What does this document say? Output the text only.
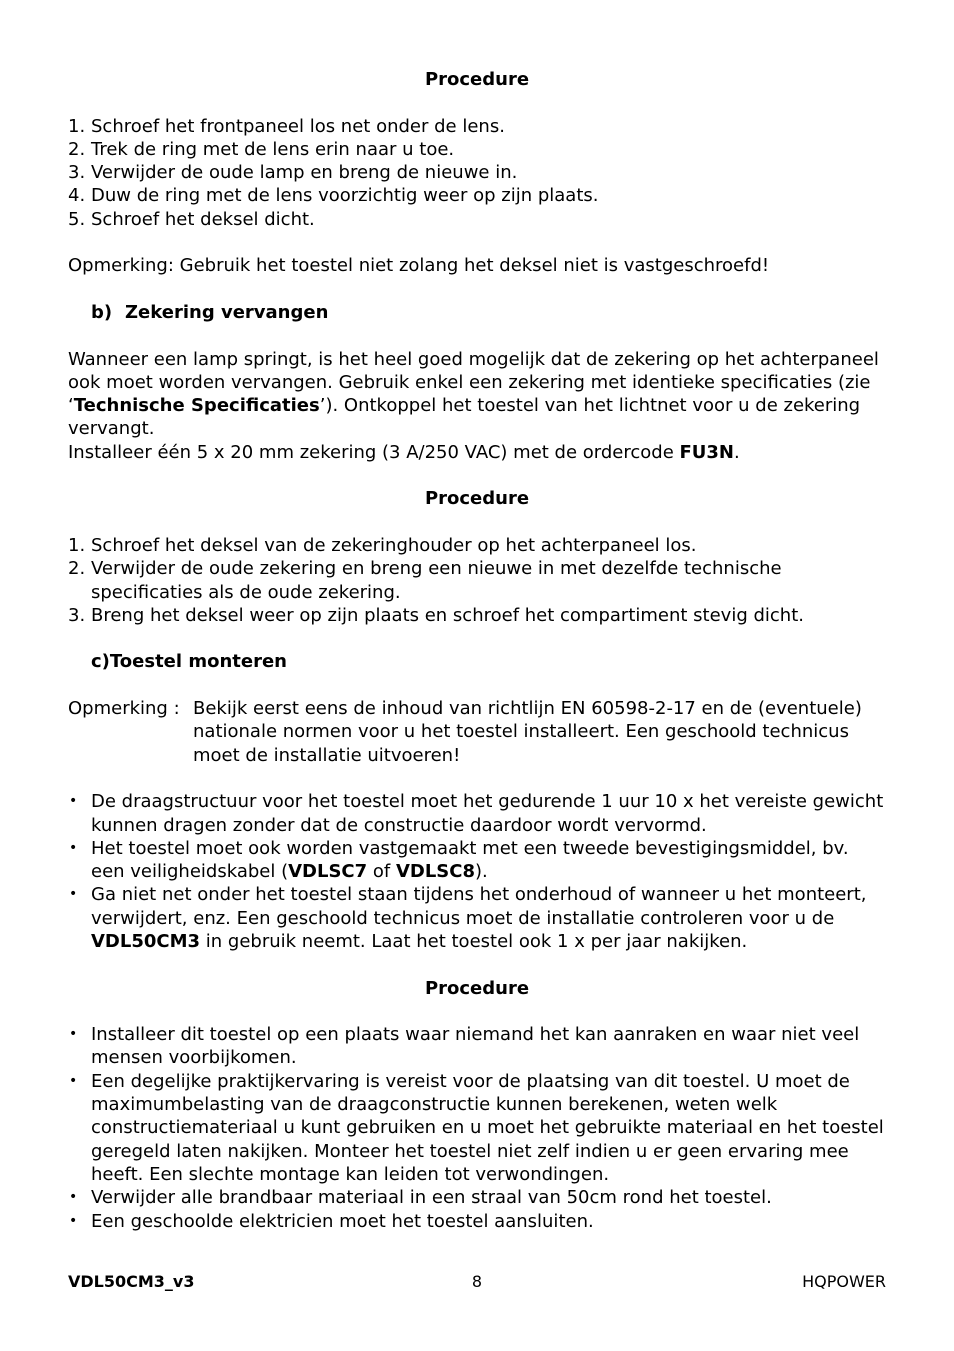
Procedure

1. Schroef het frontpaneel los net onder de lens.
2. Trek de ring met de lens erin naar u toe.
3. Verwijder de oude lamp en breng de nieuwe in.
4. Duw de ring met de lens voorzichtig weer op zijn plaats.
5. Schroef het deksel dicht.

Opmerking: Gebruik het toestel niet zolang het deksel niet is vastgeschroefd!

b) Zekering vervangen

Wanneer een lamp springt, is het heel goed mogelijk dat de zekering op het achterpaneel ook moet worden vervangen. Gebruik enkel een zekering met identieke specificaties (zie ‘Technische Specificaties’). Ontkoppel het toestel van het lichtnet voor u de zekering vervangt.

Installeer één 5 x 20 mm zekering (3 A/250 VAC) met de ordercode FU3N.

Procedure

1. Schroef het deksel van de zekeringhouder op het achterpaneel los.
2. Verwijder de oude zekering en breng een nieuwe in met dezelfde technische specificaties als de oude zekering.
3. Breng het deksel weer op zijn plaats en schroef het compartiment stevig dicht.

c)Toestel monteren

Opmerking : Bekijk eerst eens de inhoud van richtlijn EN 60598-2-17 en de (eventuele) nationale normen voor u het toestel installeert. Een geschoold technicus moet de installatie uitvoeren!
• De draagstructuur voor het toestel moet het gedurende 1 uur 10 x het vereiste gewicht kunnen dragen zonder dat de constructie daardoor wordt vervormd.
• Het toestel moet ook worden vastgemaakt met een tweede bevestigingsmiddel, bv. een veiligheidskabel (VDLSC7 of VDLSC8).
• Ga niet net onder het toestel staan tijdens het onderhoud of wanneer u het monteert, verwijdert, enz. Een geschoold technicus moet de installatie controleren voor u de VDL50CM3 in gebruik neemt. Laat het toestel ook 1 x per jaar nakijken.

Procedure

• Installeer dit toestel op een plaats waar niemand het kan aanraken en waar niet veel mensen voorbijkomen.
• Een degelijke praktijkervaring is vereist voor de plaatsing van dit toestel. U moet de maximumbelasting van de draagconstructie kunnen berekenen, weten welk constructiemateriaal u kunt gebruiken en u moet het gebruikte materiaal en het toestel geregeld laten nakijken. Monteer het toestel niet zelf indien u er geen ervaring mee heeft. Een slechte montage kan leiden tot verwondingen.
• Verwijder alle brandbaar materiaal in een straal van 50cm rond het toestel.
• Een geschoolde elektricien moet het toestel aansluiten.
VDL50CM3_v3	8	HQPOWER
